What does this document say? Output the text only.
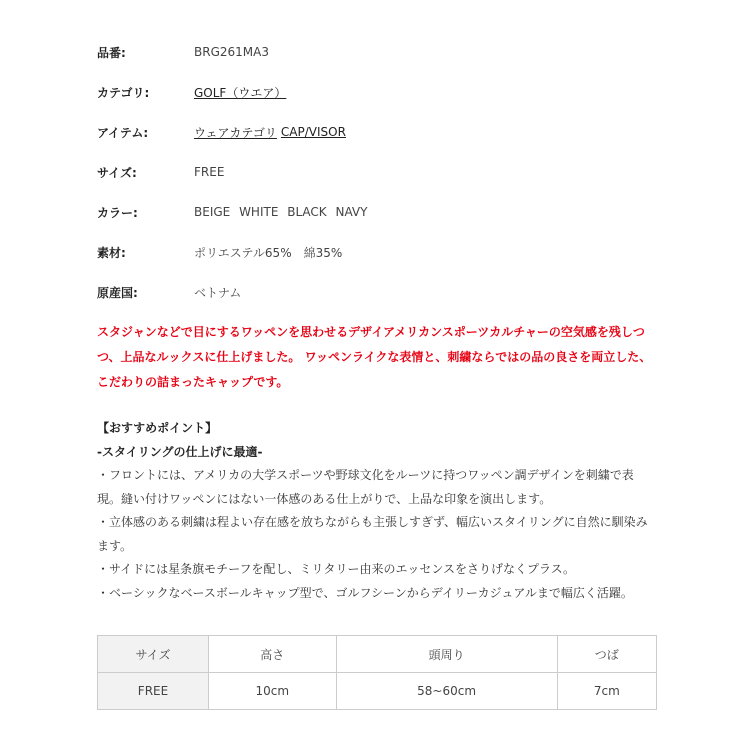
品番:	BRG261MA3
カテゴリ:	GOLF（ウエア）
アイテム:	ウェアカテゴリ CAP/VISOR
サイズ:	FREE
カラー:	BEIGE WHITE BLACK NAVY
素材:	ポリエステル65%　綿35%
原産国:	ベトナム
スタジャンなどで目にするワッペンを思わせるデザイアメリカンスポーツカルチャーの空気感を残しつ
つ、上品なルックスに仕上げました。 ワッペンライクな表情と、刺繍ならではの品の良さを両立した、
こだわりの詰まったキャップです。
【おすすめポイント】
-スタイリングの仕上げに最適-
・フロントには、アメリカの大学スポーツや野球文化をルーツに持つワッペン調デザインを刺繍で表
現。縫い付けワッペンにはない一体感のある仕上がりで、上品な印象を演出します。
・立体感のある刺繍は程よい存在感を放ちながらも主張しすぎず、幅広いスタイリングに自然に馴染み
ます。
・サイドには星条旗モチーフを配し、ミリタリー由来のエッセンスをさりげなくプラス。
・ベーシックなベースボールキャップ型で、ゴルフシーンからデイリーカジュアルまで幅広く活躍。
サイズ	高さ	頭周り	つば
FREE	10cm	58~60cm	7cm
